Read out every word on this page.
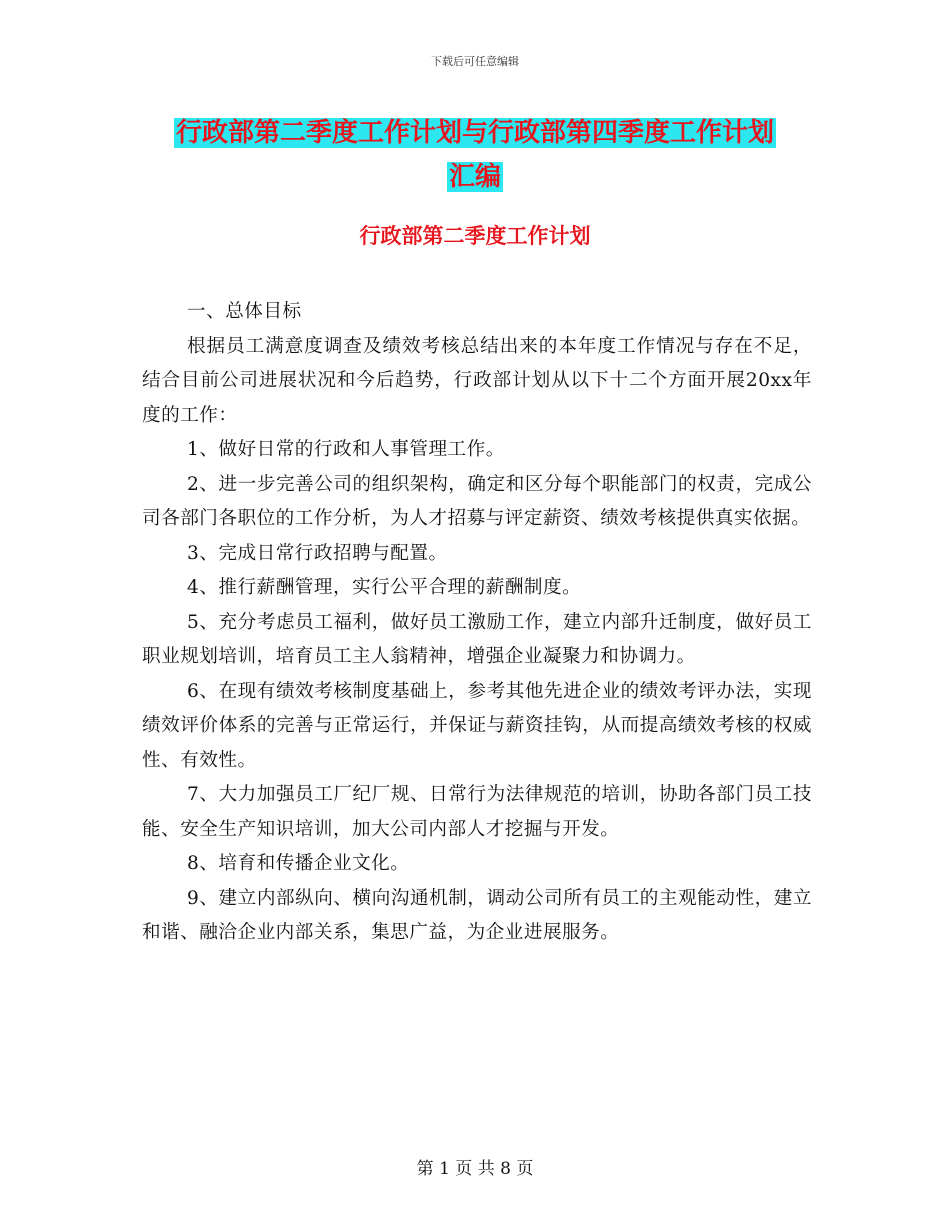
下载后可任意编辑
行政部第二季度工作计划与行政部第四季度工作计划
汇编
行政部第二季度工作计划

一、总体目标

根据员工满意度调查及绩效考核总结出来的本年度工作情况与存在不足，结合目前公司进展状况和今后趋势，行政部计划从以下十二个方面开展20xx年度的工作：

1、做好日常的行政和人事管理工作。

2、进一步完善公司的组织架构，确定和区分每个职能部门的权责，完成公司各部门各职位的工作分析，为人才招募与评定薪资、绩效考核提供真实依据。

3、完成日常行政招聘与配置。

4、推行薪酬管理，实行公平合理的薪酬制度。

5、充分考虑员工福利，做好员工激励工作，建立内部升迁制度，做好员工职业规划培训，培育员工主人翁精神，增强企业凝聚力和协调力。

6、在现有绩效考核制度基础上，参考其他先进企业的绩效考评办法，实现绩效评价体系的完善与正常运行，并保证与薪资挂钩，从而提高绩效考核的权威性、有效性。

7、大力加强员工厂纪厂规、日常行为法律规范的培训，协助各部门员工技能、安全生产知识培训，加大公司内部人才挖掘与开发。

8、培育和传播企业文化。

9、建立内部纵向、横向沟通机制，调动公司所有员工的主观能动性，建立和谐、融洽企业内部关系，集思广益，为企业进展服务。

第 1 页 共 8 页
